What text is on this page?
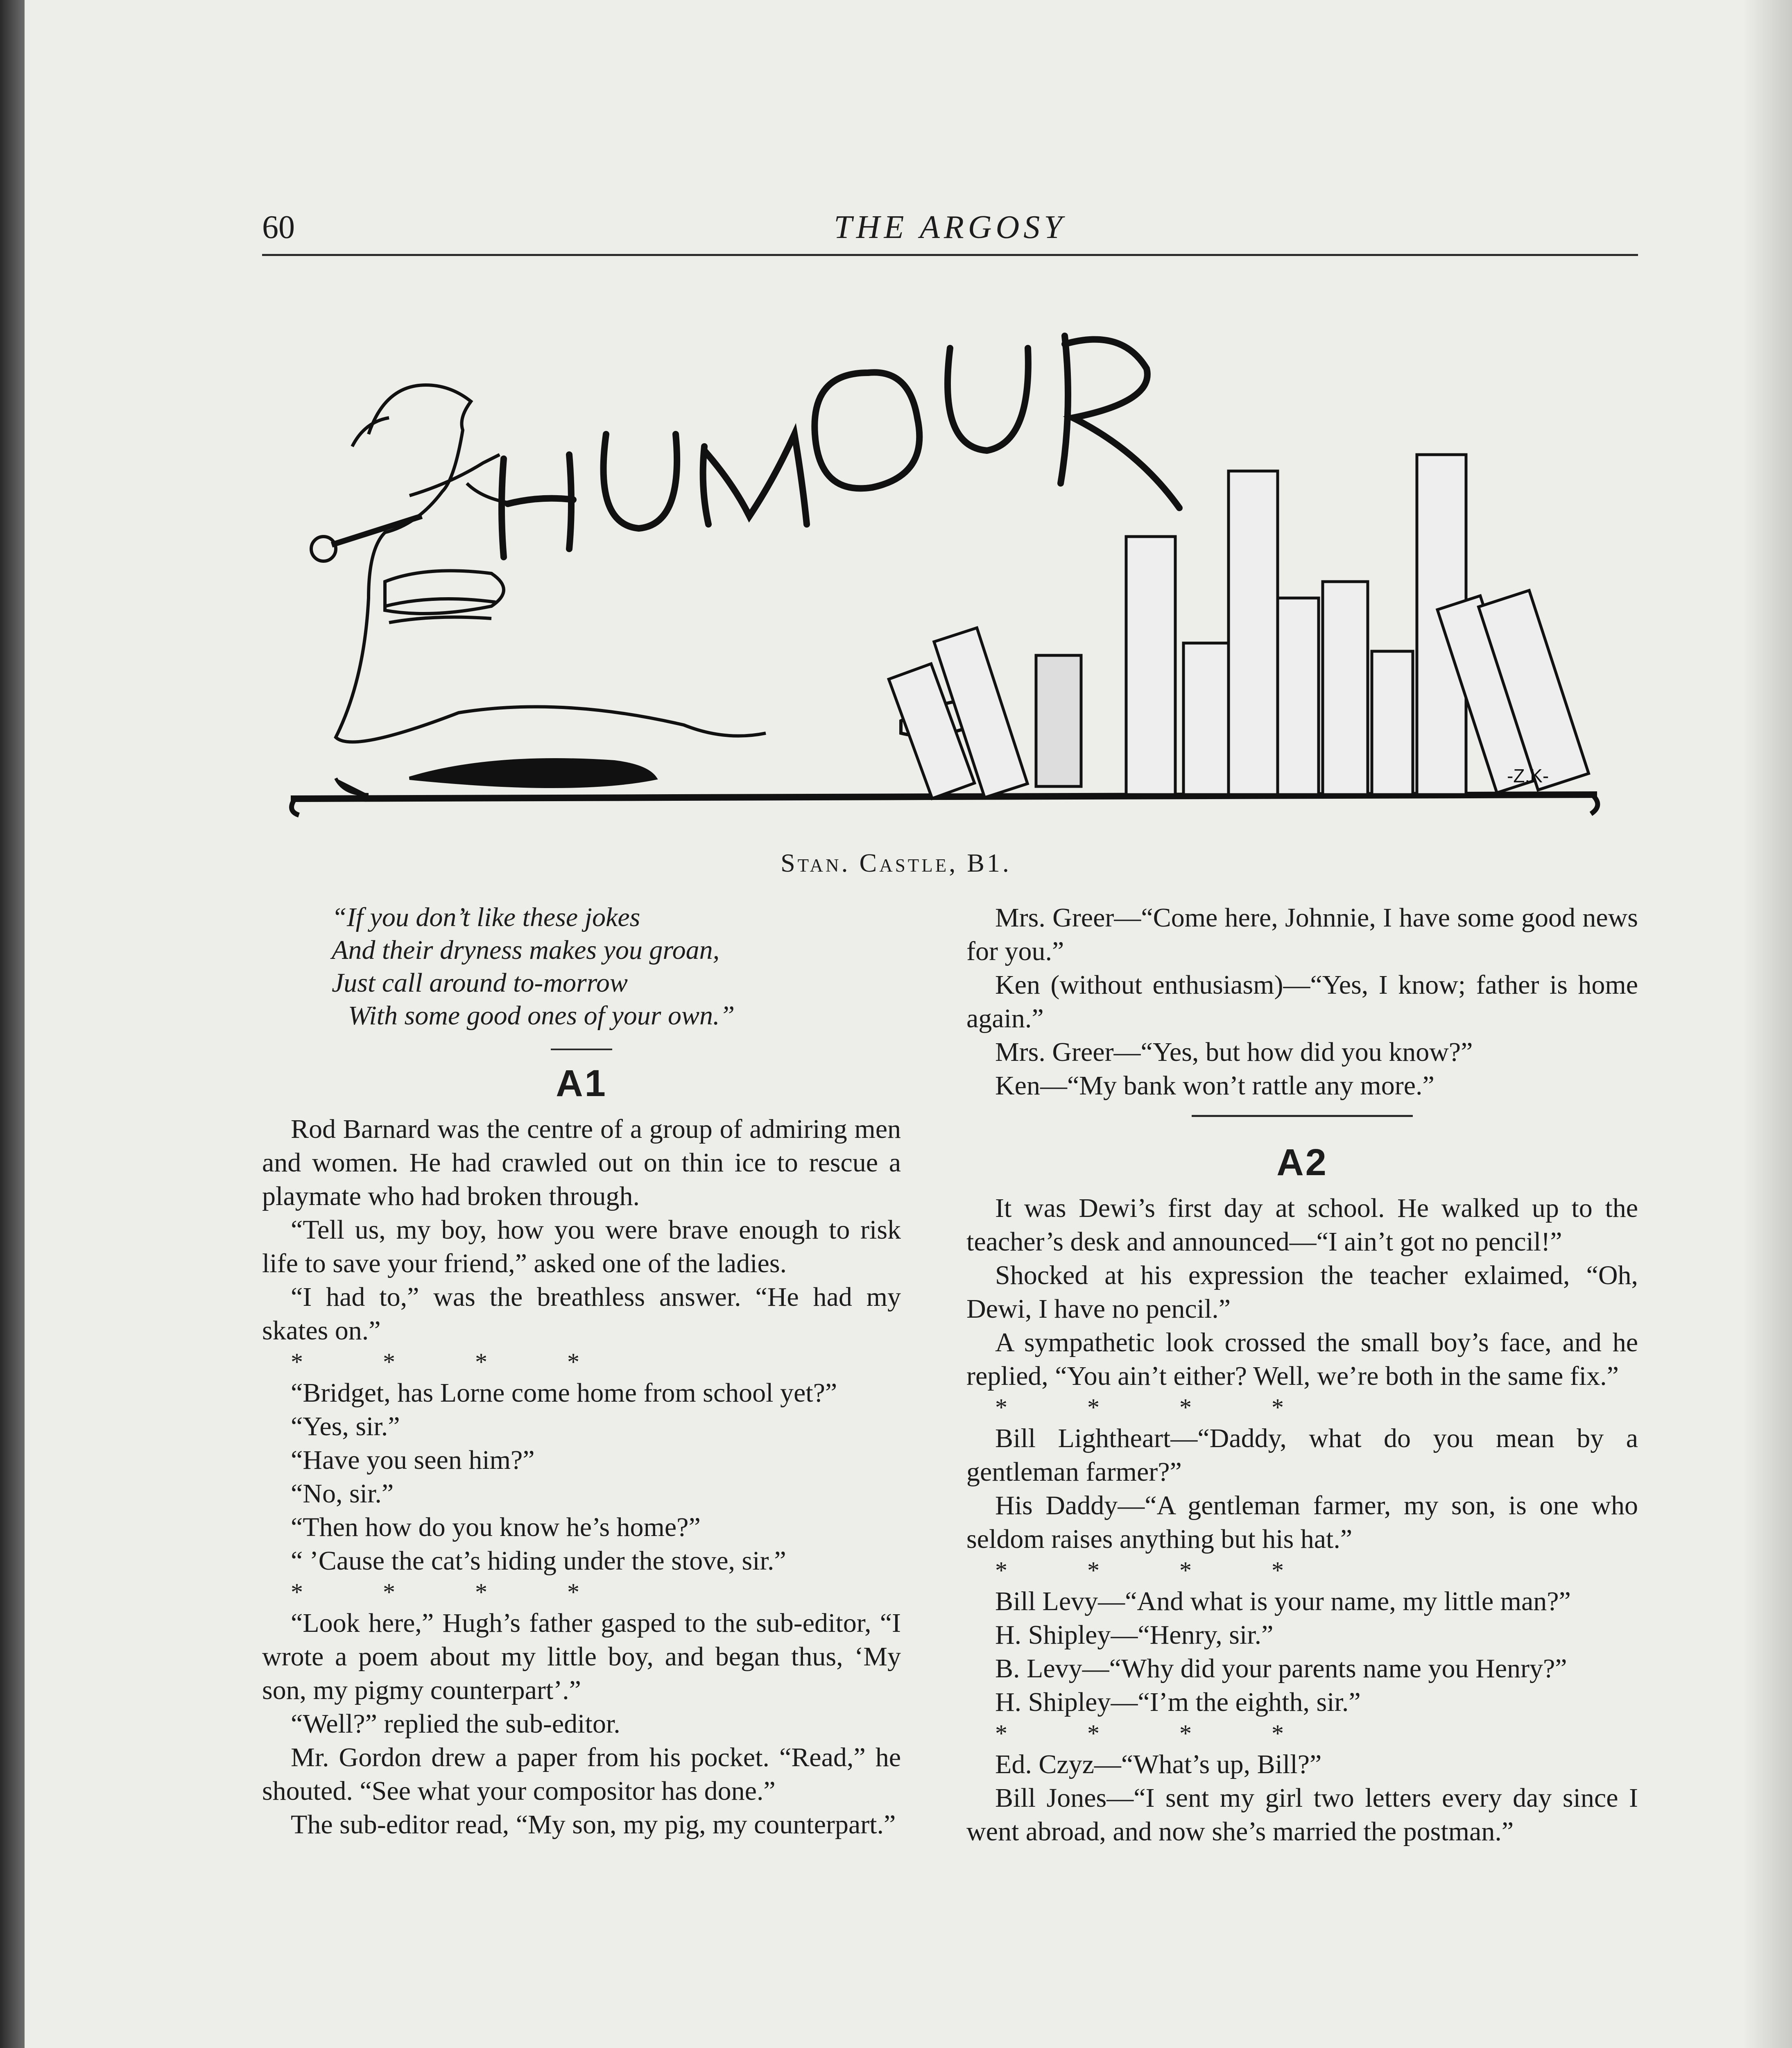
60	THE ARGOSY
-Z.K-
Stan. Castle, B1.
“If you don’t like these jokes
And their dryness makes you groan,
Just call around to-morrow
With some good ones of your own.”
A1

Rod Barnard was the centre of a group of admiring men and women. He had crawled out on thin ice to rescue a playmate who had broken through.

“Tell us, my boy, how you were brave enough to risk life to save your friend,” asked one of the ladies.

“I had to,” was the breathless answer. “He had my skates on.”

* * * *

“Bridget, has Lorne come home from school yet?”

“Yes, sir.”

“Have you seen him?”

“No, sir.”

“Then how do you know he’s home?”

“ ’Cause the cat’s hiding under the stove, sir.”

* * * *

“Look here,” Hugh’s father gasped to the sub-editor, “I wrote a poem about my little boy, and began thus, ‘My son, my pigmy counterpart’.”

“Well?” replied the sub-editor.

Mr. Gordon drew a paper from his pocket. “Read,” he shouted. “See what your compositor has done.”

The sub-editor read, “My son, my pig, my counterpart.”

Mrs. Greer—“Come here, Johnnie, I have some good news for you.”

Ken (without enthusiasm)—“Yes, I know; father is home again.”

Mrs. Greer—“Yes, but how did you know?”

Ken—“My bank won’t rattle any more.”

A2

It was Dewi’s first day at school. He walked up to the teacher’s desk and announced—“I ain’t got no pencil!”

Shocked at his expression the teacher exlaimed, “Oh, Dewi, I have no pencil.”

A sympathetic look crossed the small boy’s face, and he replied, “You ain’t either? Well, we’re both in the same fix.”

* * * *

Bill Lightheart—“Daddy, what do you mean by a gentleman farmer?”

His Daddy—“A gentleman farmer, my son, is one who seldom raises anything but his hat.”

* * * *

Bill Levy—“And what is your name, my little man?”

H. Shipley—“Henry, sir.”

B. Levy—“Why did your parents name you Henry?”

H. Shipley—“I’m the eighth, sir.”

* * * *

Ed. Czyz—“What’s up, Bill?”

Bill Jones—“I sent my girl two letters every day since I went abroad, and now she’s married the postman.”
